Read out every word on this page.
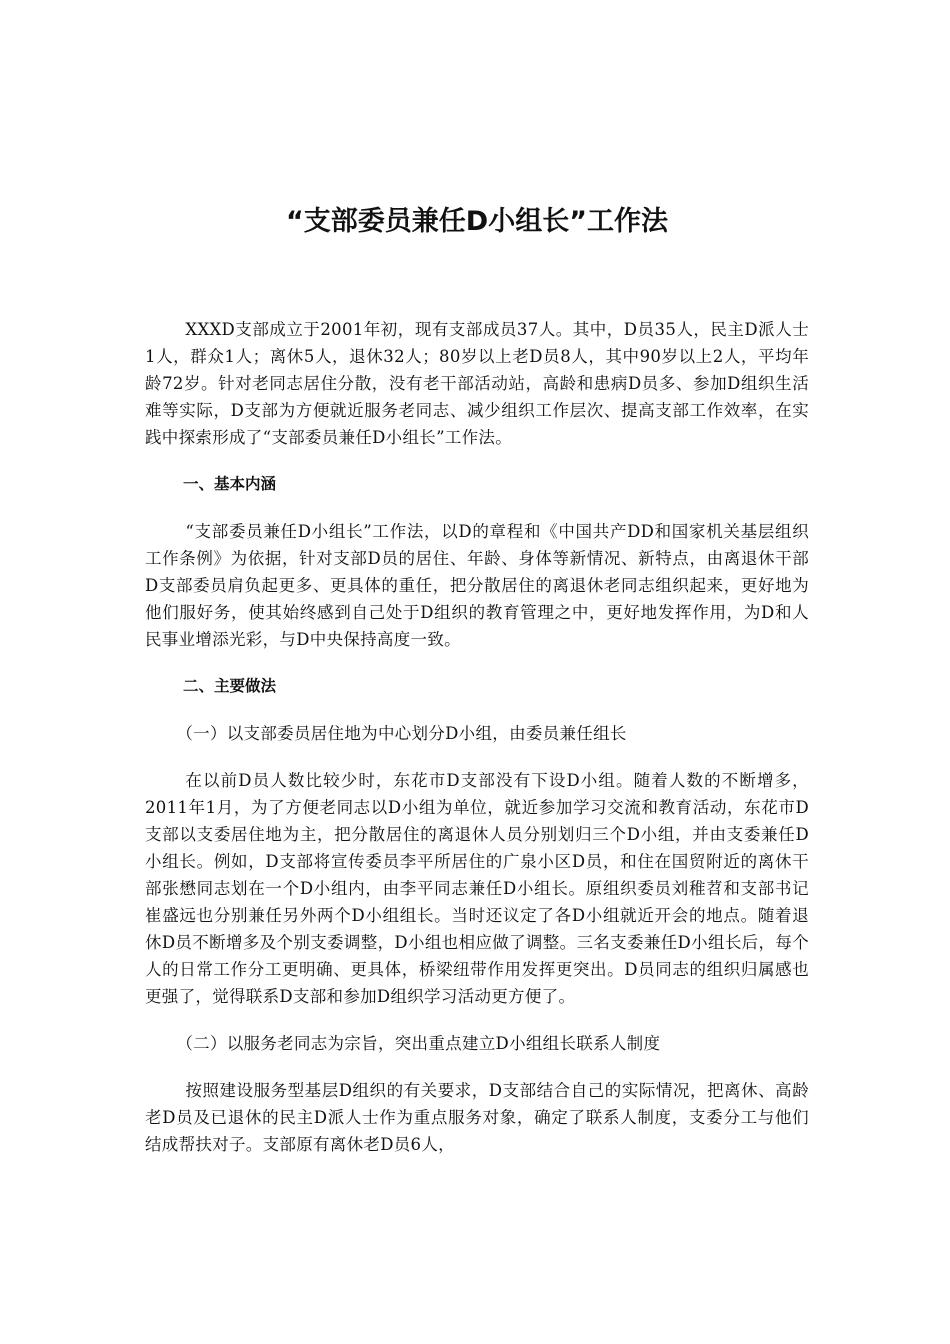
“支部委员兼任D小组长”工作法

XXXD支部成立于2001年初，现有支部成员37人。其中，D员35人，民主D派人士1人，群众1人；离休5人，退休32人；80岁以上老D员8人，其中90岁以上2人，平均年龄72岁。针对老同志居住分散，没有老干部活动站，高龄和患病D员多、参加D组织生活难等实际，D支部为方便就近服务老同志、减少组织工作层次、提高支部工作效率，在实践中探索形成了“支部委员兼任D小组长”工作法。

一、基本内涵

“支部委员兼任D小组长”工作法，以D的章程和《中国共产DD和国家机关基层组织工作条例》为依据，针对支部D员的居住、年龄、身体等新情况、新特点，由离退休干部D支部委员肩负起更多、更具体的重任，把分散居住的离退休老同志组织起来，更好地为他们服好务，使其始终感到自己处于D组织的教育管理之中，更好地发挥作用，为D和人民事业增添光彩，与D中央保持高度一致。

二、主要做法

（一）以支部委员居住地为中心划分D小组，由委员兼任组长

在以前D员人数比较少时，东花市D支部没有下设D小组。随着人数的不断增多，2011年1月，为了方便老同志以D小组为单位，就近参加学习交流和教育活动，东花市D支部以支委居住地为主，把分散居住的离退休人员分别划归三个D小组，并由支委兼任D小组长。例如，D支部将宣传委员李平所居住的广泉小区D员，和住在国贸附近的离休干部张懋同志划在一个D小组内，由李平同志兼任D小组长。原组织委员刘稚苕和支部书记崔盛远也分别兼任另外两个D小组组长。当时还议定了各D小组就近开会的地点。随着退休D员不断增多及个别支委调整，D小组也相应做了调整。三名支委兼任D小组长后，每个人的日常工作分工更明确、更具体，桥梁纽带作用发挥更突出。D员同志的组织归属感也更强了，觉得联系D支部和参加D组织学习活动更方便了。

（二）以服务老同志为宗旨，突出重点建立D小组组长联系人制度

按照建设服务型基层D组织的有关要求，D支部结合自己的实际情况，把离休、高龄老D员及已退休的民主D派人士作为重点服务对象，确定了联系人制度，支委分工与他们结成帮扶对子。支部原有离休老D员6人，
